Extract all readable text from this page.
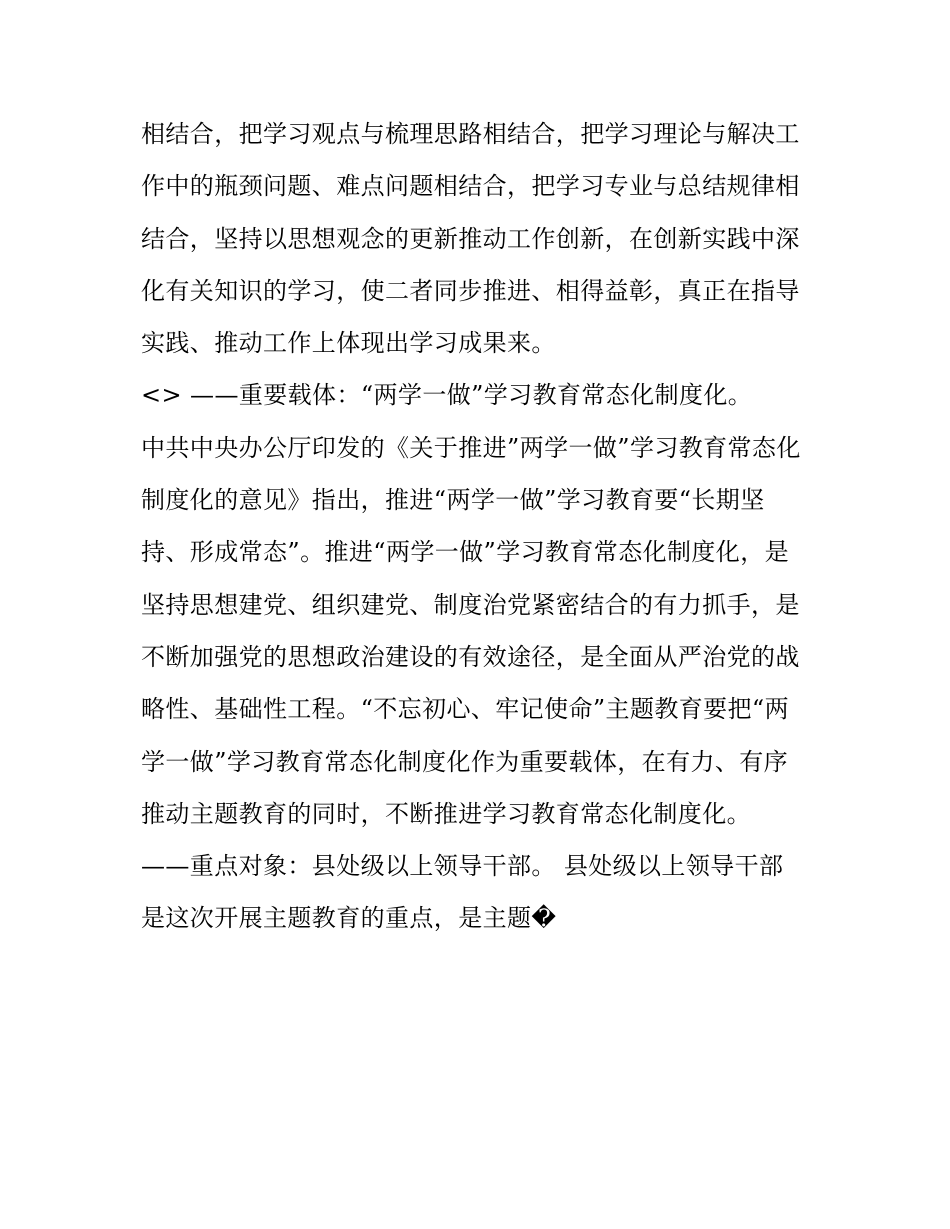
相结合，把学习观点与梳理思路相结合，把学习理论与解决工
作中的瓶颈问题、难点问题相结合，把学习专业与总结规律相
结合，坚持以思想观念的更新推动工作创新，在创新实践中深
化有关知识的学习，使二者同步推进、相得益彰，真正在指导
实践、推动工作上体现出学习成果来。
<> ——重要载体：“两学一做”学习教育常态化制度化。
中共中央办公厅印发的《关于推进”两学一做”学习教育常态化
制度化的意见》指出，推进“两学一做”学习教育要“长期坚
持、形成常态”。推进“两学一做”学习教育常态化制度化，是
坚持思想建党、组织建党、制度治党紧密结合的有力抓手，是
不断加强党的思想政治建设的有效途径，是全面从严治党的战
略性、基础性工程。“不忘初心、牢记使命”主题教育要把“两
学一做”学习教育常态化制度化作为重要载体，在有力、有序
推动主题教育的同时，不断推进学习教育常态化制度化。
——重点对象：县处级以上领导干部。 县处级以上领导干部
是这次开展主题教育的重点，是主题�
